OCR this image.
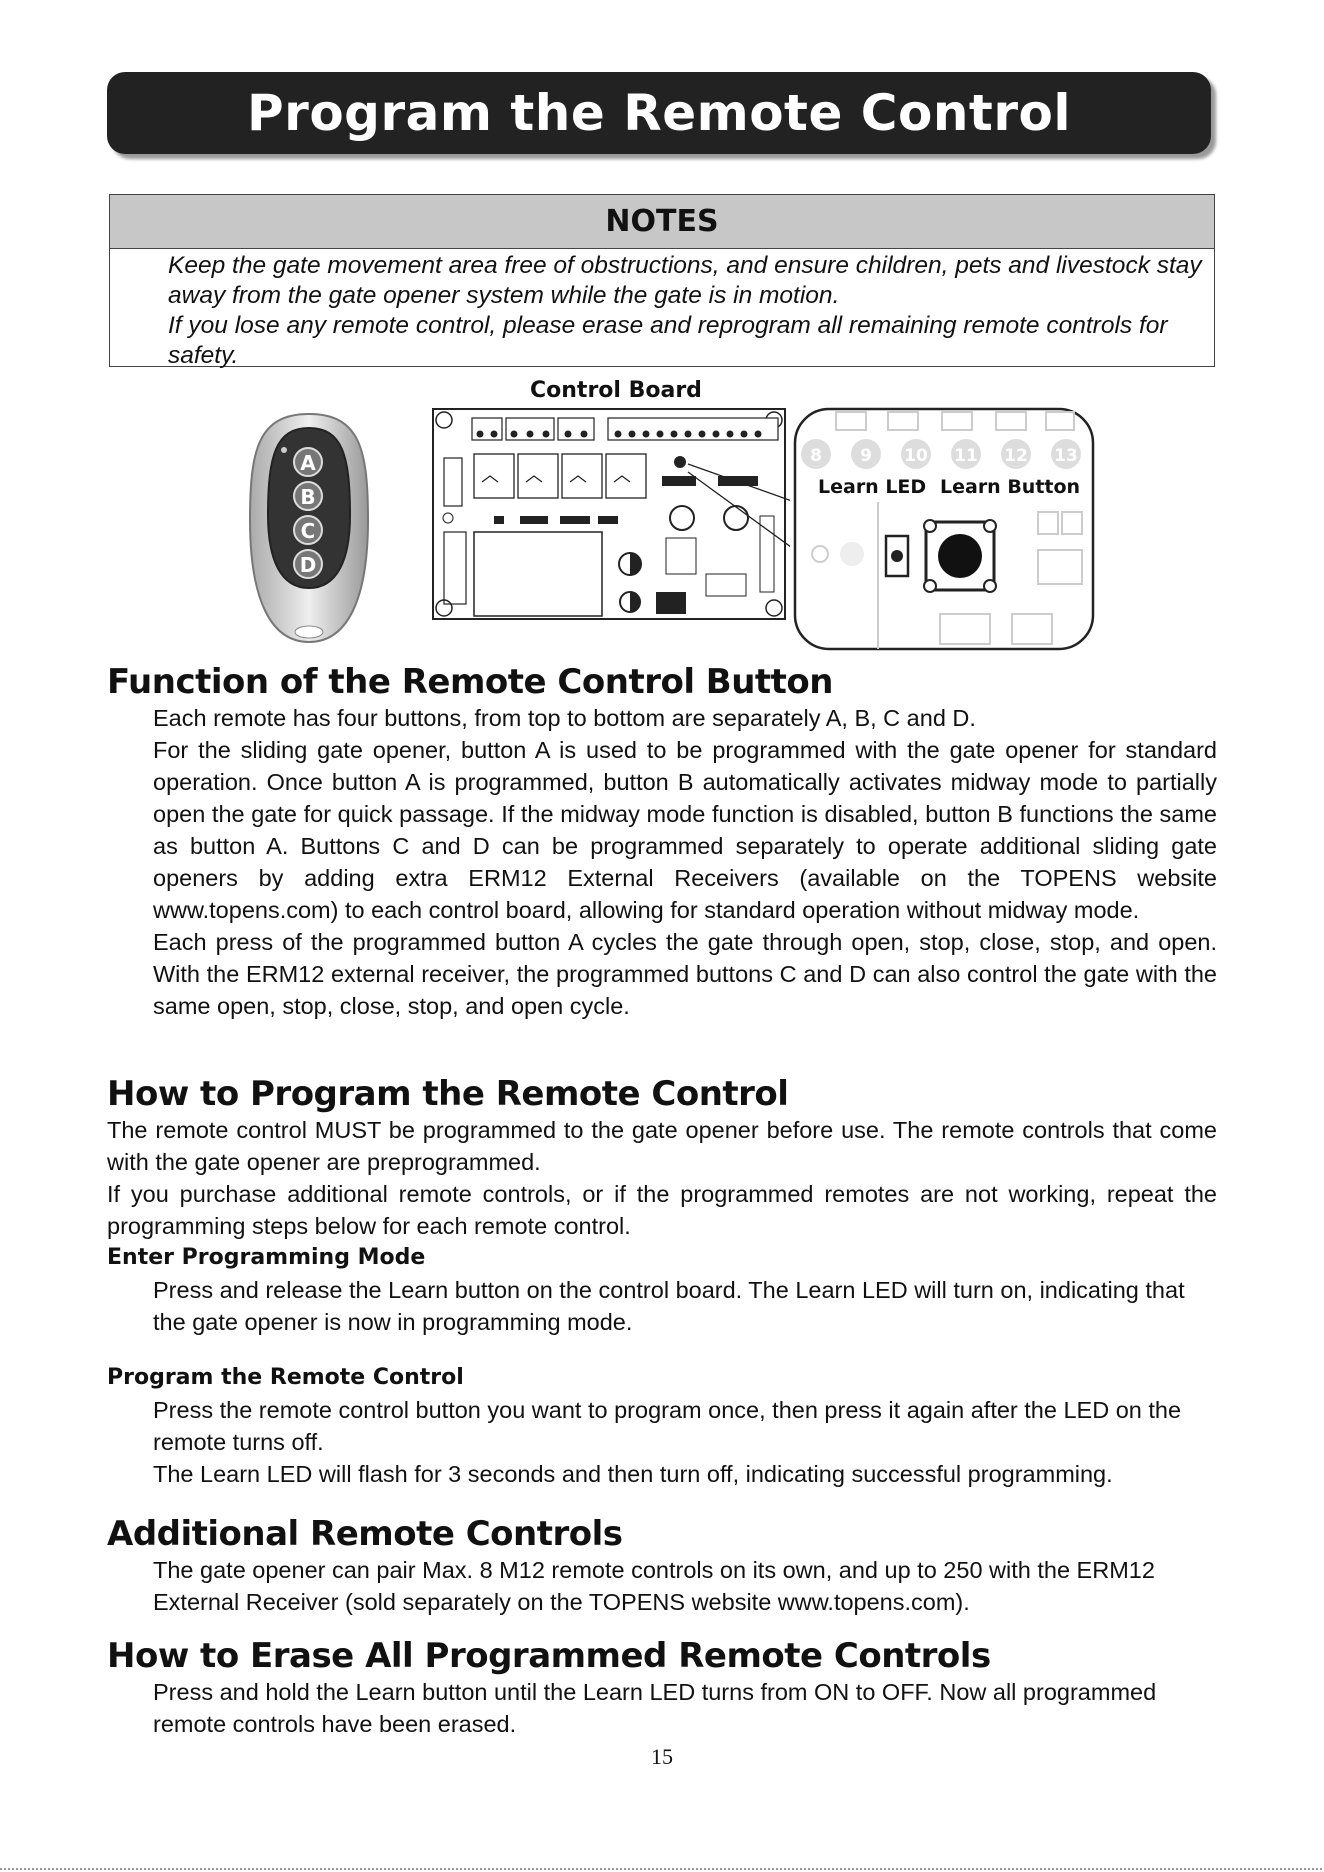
Program the Remote Control
NOTES

Keep the gate movement area free of obstructions, and ensure children, pets and livestock stay away from the gate opener system while the gate is in motion.

If you lose any remote control, please erase and reprogram all remaining remote controls for safety.

Control Board
A
B
C
D
8 9 10 11 12 13
Learn LED Learn Button
Function of the Remote Control Button

Each remote has four buttons, from top to bottom are separately A, B, C and D.

For the sliding gate opener, button A is used to be programmed with the gate opener for standard operation. Once button A is programmed, button B automatically activates midway mode to partially open the gate for quick passage. If the midway mode function is disabled, button B functions the same as button A. Buttons C and D can be programmed separately to operate additional sliding gate openers by adding extra ERM12 External Receivers (available on the TOPENS website www.topens.com) to each control board, allowing for standard operation without midway mode.

Each press of the programmed button A cycles the gate through open, stop, close, stop, and open. With the ERM12 external receiver, the programmed buttons C and D can also control the gate with the same open, stop, close, stop, and open cycle.

How to Program the Remote Control

The remote control MUST be programmed to the gate opener before use. The remote controls that come with the gate opener are preprogrammed.

If you purchase additional remote controls, or if the programmed remotes are not working, repeat the programming steps below for each remote control.

Enter Programming Mode

Press and release the Learn button on the control board. The Learn LED will turn on, indicating that the gate opener is now in programming mode.

Program the Remote Control

Press the remote control button you want to program once, then press it again after the LED on the remote turns off.

The Learn LED will flash for 3 seconds and then turn off, indicating successful programming.

Additional Remote Controls

The gate opener can pair Max. 8 M12 remote controls on its own, and up to 250 with the ERM12 External Receiver (sold separately on the TOPENS website www.topens.com).

How to Erase All Programmed Remote Controls

Press and hold the Learn button until the Learn LED turns from ON to OFF. Now all programmed remote controls have been erased.

15
